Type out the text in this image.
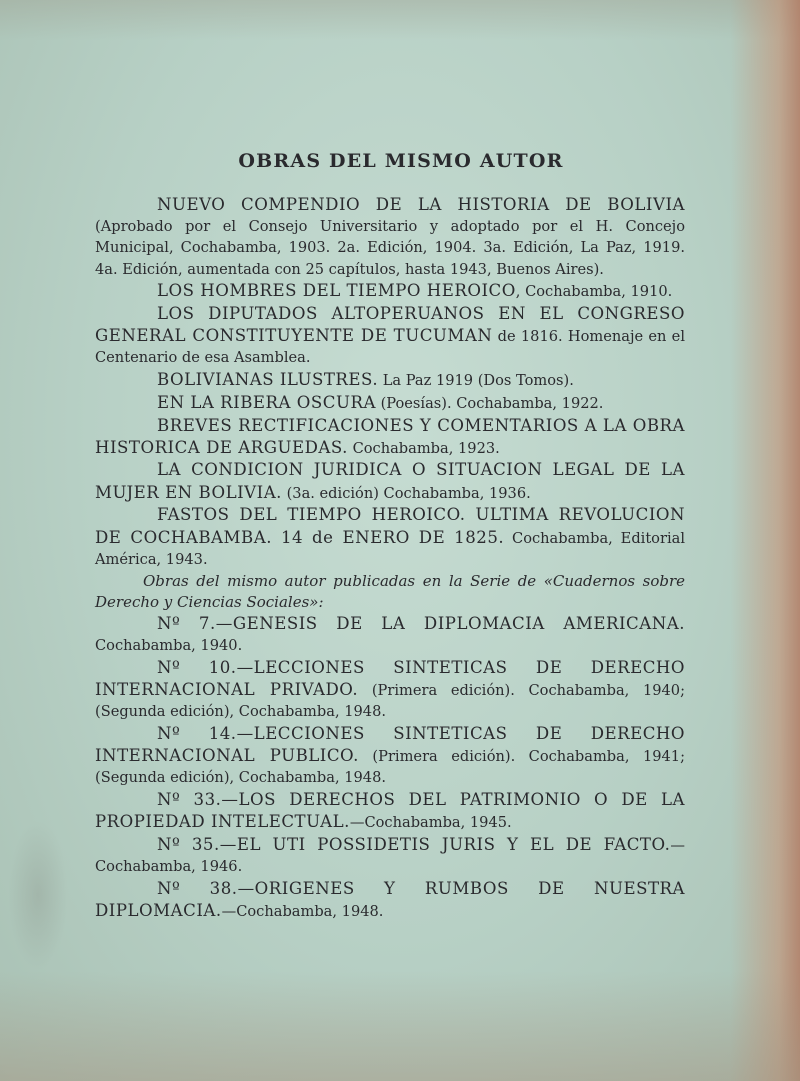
OBRAS DEL MISMO AUTOR

NUEVO COMPENDIO DE LA HISTORIA DE BOLIVIA (Aprobado por el Consejo Universitario y adoptado por el H. Concejo Municipal, Cochabamba, 1903. 2a. Edición, 1904. 3a. Edición, La Paz, 1919. 4a. Edición, aumentada con 25 capítulos, hasta 1943, Buenos Aires).

LOS HOMBRES DEL TIEMPO HEROICO, Cochabamba, 1910.

LOS DIPUTADOS ALTOPERUANOS EN EL CONGRESO GENERAL CONSTITUYENTE DE TUCUMAN de 1816. Homenaje en el Centenario de esa Asamblea.

BOLIVIANAS ILUSTRES. La Paz 1919 (Dos Tomos).

EN LA RIBERA OSCURA (Poesías). Cochabamba, 1922.

BREVES RECTIFICACIONES Y COMENTARIOS A LA OBRA HISTORICA DE ARGUEDAS. Cochabamba, 1923.

LA CONDICION JURIDICA O SITUACION LEGAL DE LA MUJER EN BOLIVIA. (3a. edición) Cochabamba, 1936.

FASTOS DEL TIEMPO HEROICO. ULTIMA REVOLUCION DE COCHABAMBA. 14 de ENERO DE 1825. Cochabamba, Editorial América, 1943.

Obras del mismo autor publicadas en la Serie de «Cuadernos sobre Derecho y Ciencias Sociales»:

Nº 7.—GENESIS DE LA DIPLOMACIA AMERICANA. Cochabamba, 1940.

Nº 10.—LECCIONES SINTETICAS DE DERECHO INTERNACIONAL PRIVADO. (Primera edición). Cochabamba, 1940; (Segunda edición), Cochabamba, 1948.

Nº 14.—LECCIONES SINTETICAS DE DERECHO INTERNACIONAL PUBLICO. (Primera edición). Cochabamba, 1941; (Segunda edición), Cochabamba, 1948.

Nº 33.—LOS DERECHOS DEL PATRIMONIO O DE LA PROPIEDAD INTELECTUAL.—Cochabamba, 1945.

Nº 35.—EL UTI POSSIDETIS JURIS Y EL DE FACTO.—Cochabamba, 1946.

Nº 38.—ORIGENES Y RUMBOS DE NUESTRA DIPLOMACIA.—Cochabamba, 1948.
